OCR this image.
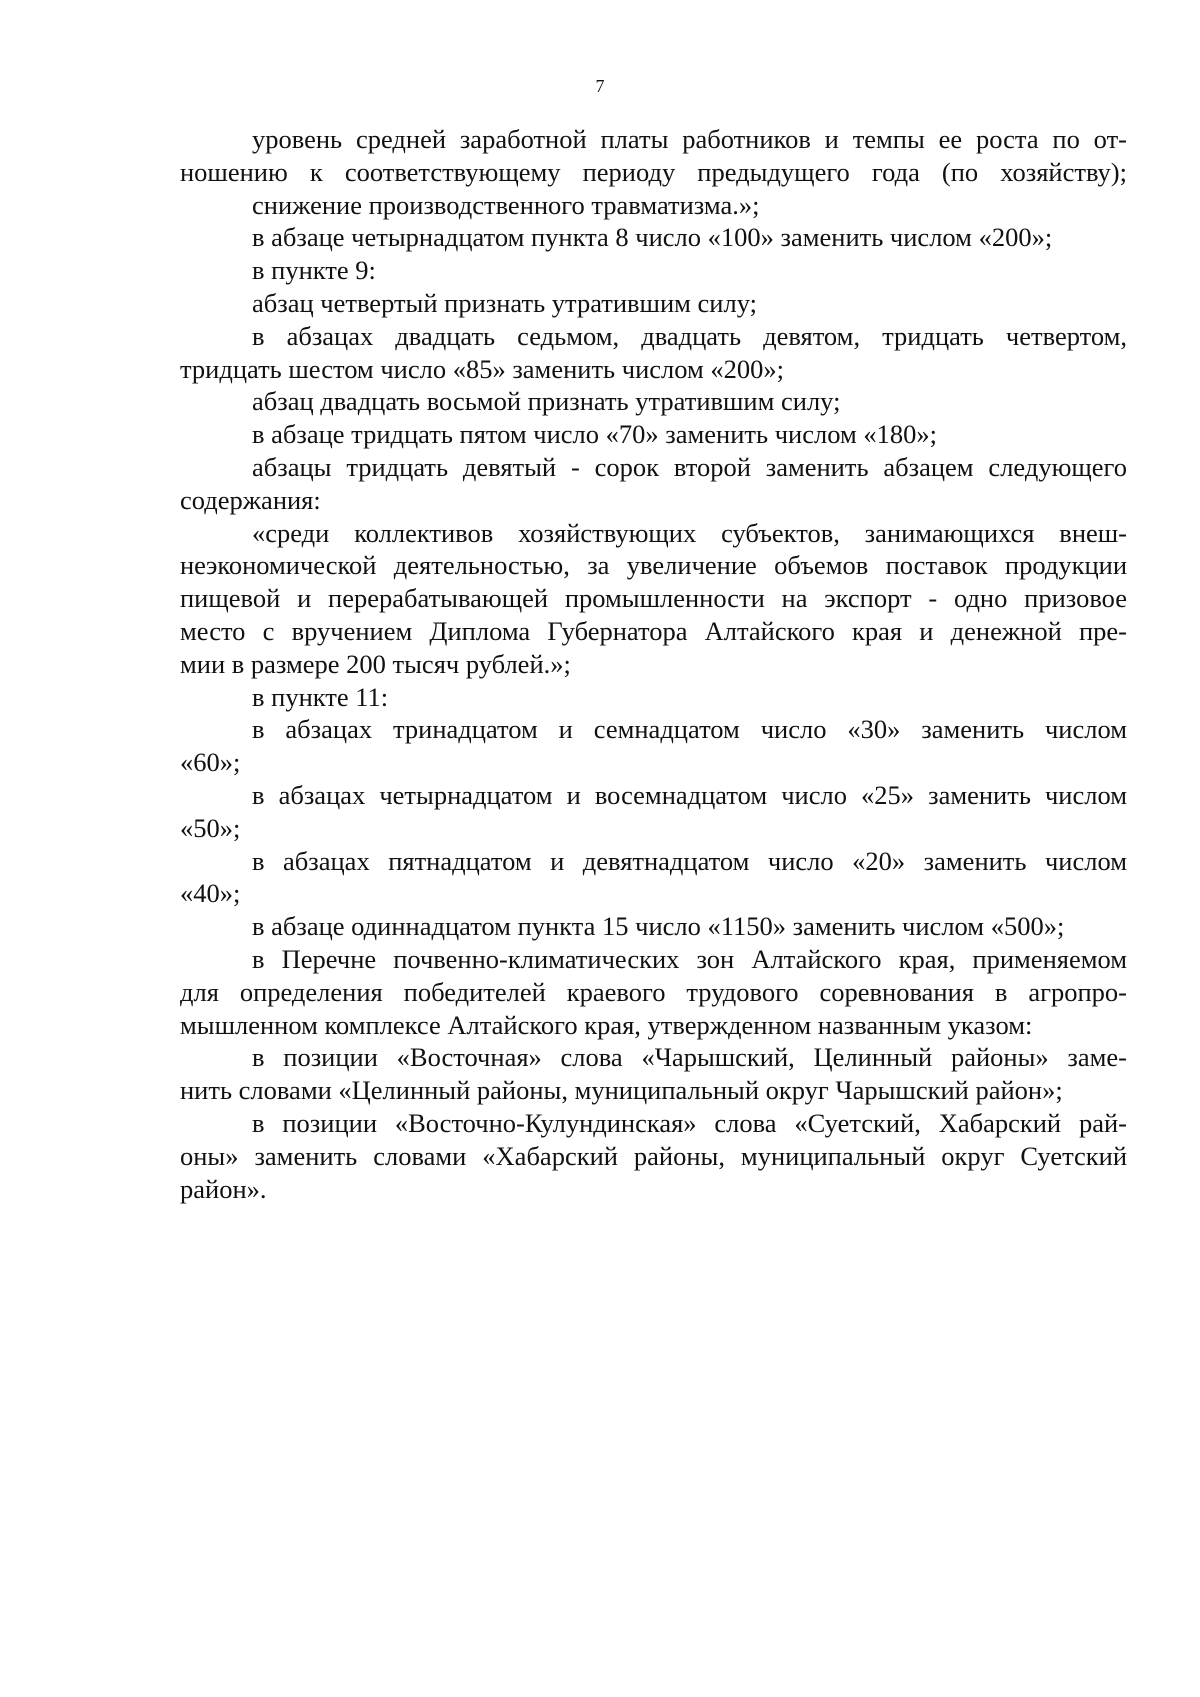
7
уровень средней заработной платы работников и темпы ее роста по от-
ношению к соответствующему периоду предыдущего года (по хозяйству);
снижение производственного травматизма.»;
в абзаце четырнадцатом пункта 8 число «100» заменить числом «200»;
в пункте 9:
абзац четвертый признать утратившим силу;
в абзацах двадцать седьмом, двадцать девятом, тридцать четвертом,
тридцать шестом число «85» заменить числом «200»;
абзац двадцать восьмой признать утратившим силу;
в абзаце тридцать пятом число «70» заменить числом «180»;
абзацы тридцать девятый - сорок второй заменить абзацем следующего
содержания:
«среди коллективов хозяйствующих субъектов, занимающихся внеш-
неэкономической деятельностью, за увеличение объемов поставок продукции
пищевой и перерабатывающей промышленности на экспорт - одно призовое
место с вручением Диплома Губернатора Алтайского края и денежной пре-
мии в размере 200 тысяч рублей.»;
в пункте 11:
в абзацах тринадцатом и семнадцатом число «30» заменить числом
«60»;
в абзацах четырнадцатом и восемнадцатом число «25» заменить числом
«50»;
в абзацах пятнадцатом и девятнадцатом число «20» заменить числом
«40»;
в абзаце одиннадцатом пункта 15 число «1150» заменить числом «500»;
в Перечне почвенно-климатических зон Алтайского края, применяемом
для определения победителей краевого трудового соревнования в агропро-
мышленном комплексе Алтайского края, утвержденном названным указом:
в позиции «Восточная» слова «Чарышский, Целинный районы» заме-
нить словами «Целинный районы, муниципальный округ Чарышский район»;
в позиции «Восточно-Кулундинская» слова «Суетский, Хабарский рай-
оны» заменить словами «Хабарский районы, муниципальный округ Суетский
район».
